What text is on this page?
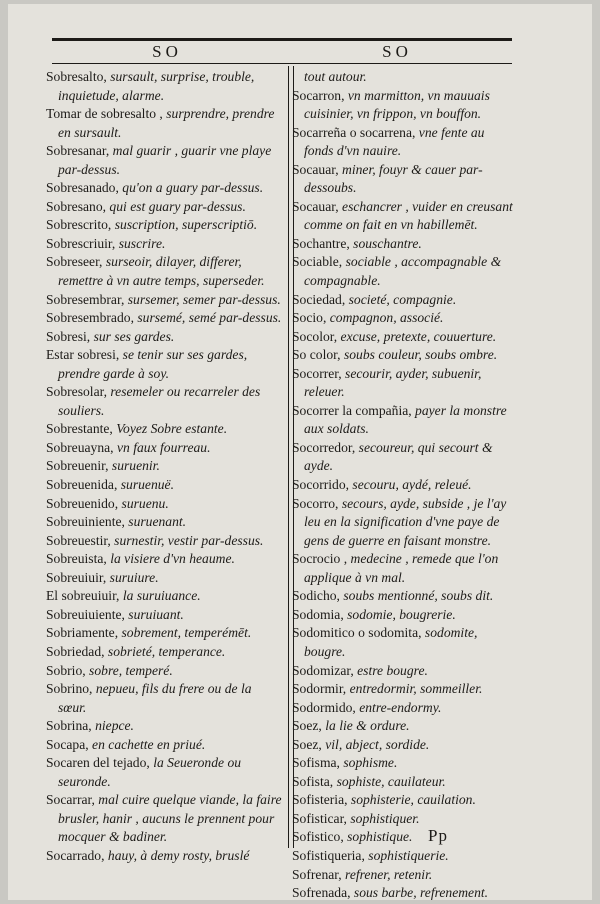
SO	SO

Sobresalto, sursault, surprise, trouble, inquietude, alarme.

Tomar de sobresalto , surprendre, prendre en sursault.

Sobresanar, mal guarir , guarir vne playe par-dessus.

Sobresanado, qu'on a guary par-dessus.

Sobresano, qui est guary par-dessus.

Sobrescrito, suscription, superscriptiō.

Sobrescriuir, suscrire.

Sobreseer, surseoir, dilayer, differer, remettre à vn autre temps, superseder.

Sobresembrar, sursemer, semer par-dessus.

Sobresembrado, sursemé, semé par-dessus.

Sobresi, sur ses gardes.

Estar sobresi, se tenir sur ses gardes, prendre garde à soy.

Sobresolar, resemeler ou recarreler des souliers.

Sobrestante, Voyez Sobre estante.

Sobreuayna, vn faux fourreau.

Sobreuenir, suruenir.

Sobreuenida, suruenuë.

Sobreuenido, suruenu.

Sobreuiniente, suruenant.

Sobreuestir, surnestir, vestir par-dessus.

Sobreuista, la visiere d'vn heaume.

Sobreuiuir, suruiure.

El sobreuiuir, la suruiuance.

Sobreuiuiente, suruiuant.

Sobriamente, sobrement, temperémēt.

Sobriedad, sobrieté, temperance.

Sobrio, sobre, temperé.

Sobrino, nepueu, fils du frere ou de la sœur.

Sobrina, niepce.

Socapa, en cachette en priué.

Socaren del tejado, la Seueronde ou seuronde.

Socarrar, mal cuire quelque viande, la faire brusler, hanir , aucuns le prennent pour mocquer & badiner.

Socarrado, hauy, à demy rosty, bruslé

tout autour.

Socarron, vn marmitton, vn mauuais cuisinier, vn frippon, vn bouffon.

Socarreña o socarrena, vne fente au fonds d'vn nauire.

Socauar, miner, fouyr & cauer par-dessoubs.

Socauar, eschancrer , vuider en creusant comme on fait en vn habillemēt.

Sochantre, souschantre.

Sociable, sociable , accompagnable & compagnable.

Sociedad, societé, compagnie.

Socio, compagnon, associé.

Socolor, excuse, pretexte, couuerture.

So color, soubs couleur, soubs ombre.

Socorrer, secourir, ayder, subuenir, releuer.

Socorrer la compañia, payer la monstre aux soldats.

Socorredor, secoureur, qui secourt & ayde.

Socorrido, secouru, aydé, releué.

Socorro, secours, ayde, subside , je l'ay leu en la signification d'vne paye de gens de guerre en faisant monstre.

Socrocio , medecine , remede que l'on applique à vn mal.

Sodicho, soubs mentionné, soubs dit.

Sodomia, sodomie, bougrerie.

Sodomitico o sodomita, sodomite, bougre.

Sodomizar, estre bougre.

Sodormir, entredormir, sommeiller.

Sodormido, entre-endormy.

Soez, la lie & ordure.

Soez, vil, abject, sordide.

Sofisma, sophisme.

Sofista, sophiste, cauilateur.

Sofisteria, sophisterie, cauilation.

Sofisticar, sophistiquer.

Sofistico, sophistique.

Sofistiqueria, sophistiquerie.

Sofrenar, refrener, retenir.

Sofrenada, sous barbe, refrenement.

Pp
